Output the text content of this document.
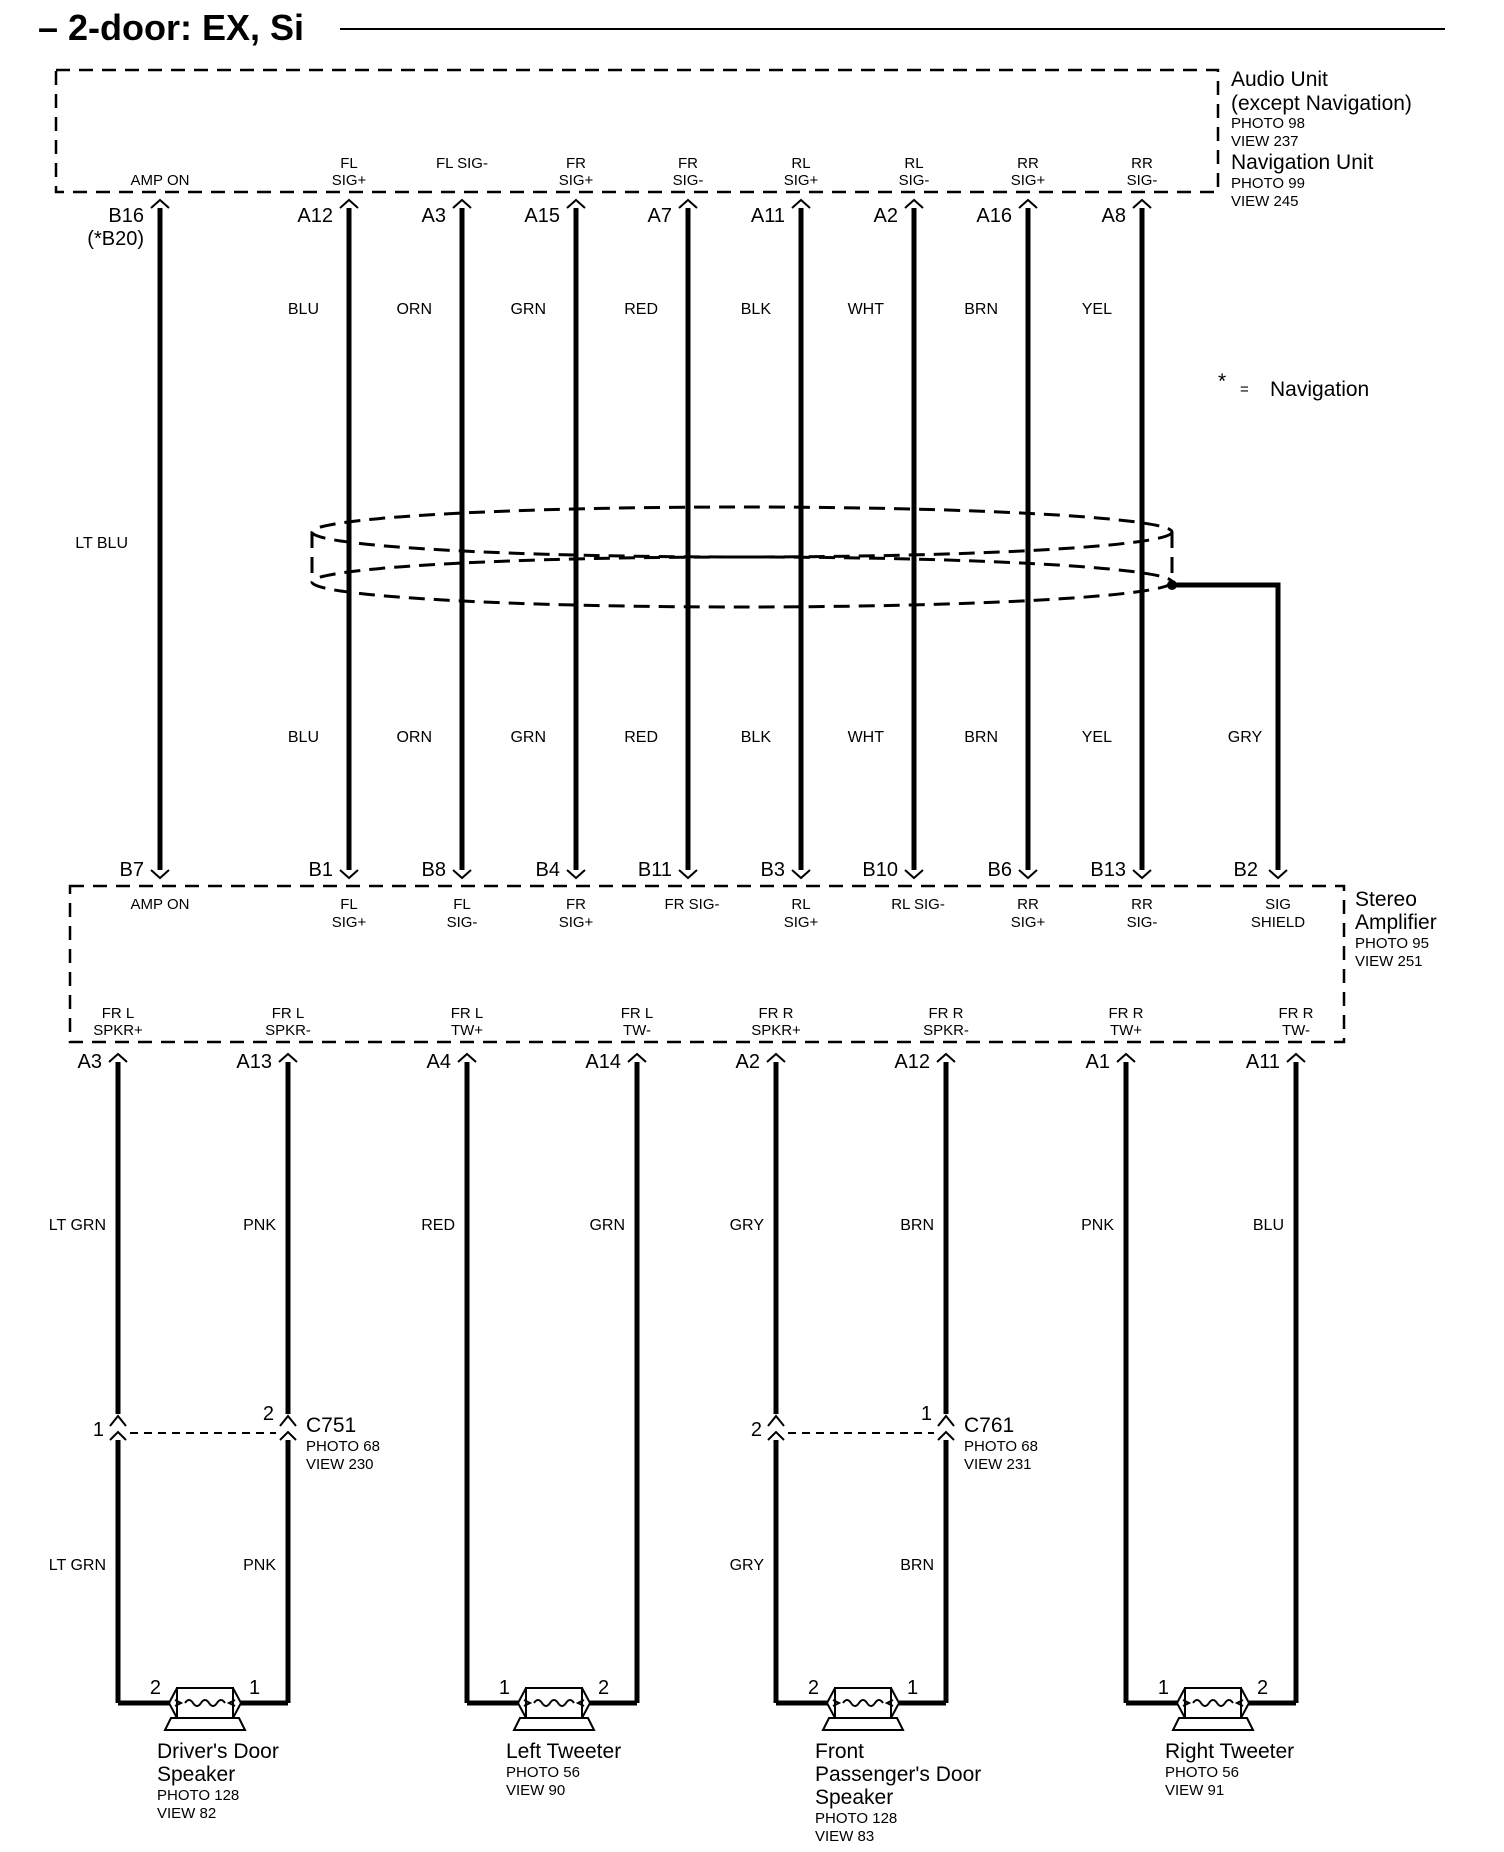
– 2-door: EX, Si
Audio Unit
(except Navigation)
PHOTO 98
VIEW 237
Navigation Unit
PHOTO 99
VIEW 245
* = Navigation
Stereo
Amplifier
PHOTO 95
VIEW 251
GRY
B2
SIG
SHIELD
AMP ON
B16
(*B20)
LT BLU
B7
AMP ON
FL
SIG+
A12
BLU
BLU
B1
FL
SIG+
FL SIG-
A3
ORN
ORN
B8
FL
SIG-
FR
SIG+
A15
GRN
GRN
B4
FR
SIG+
FR
SIG-
A7
RED
RED
B11
FR SIG-
RL
SIG+
A11
BLK
BLK
B3
RL
SIG+
RL
SIG-
A2
WHT
WHT
B10
RL SIG-
RR
SIG+
A16
BRN
BRN
B6
RR
SIG+
RR
SIG-
A8
YEL
YEL
B13
RR
SIG-
FR L
SPKR+
A3
LT GRN
LT GRN
FR L
SPKR-
A13
PNK
PNK
FR L
TW+
A4
RED
FR L
TW-
A14
GRN
FR R
SPKR+
A2
GRY
GRY
FR R
SPKR-
A12
BRN
BRN
FR R
TW+
A1
PNK
FR R
TW-
A11
BLU
1
2 C751
PHOTO 68
VIEW 230
2
1 C761
PHOTO 68
VIEW 231
2	1
Driver's Door
Speaker
PHOTO 128
VIEW 82
1	2
Left Tweeter
PHOTO 56
VIEW 90
2	1
Front
Passenger's Door
Speaker
PHOTO 128
VIEW 83
1	2
Right Tweeter
PHOTO 56
VIEW 91
